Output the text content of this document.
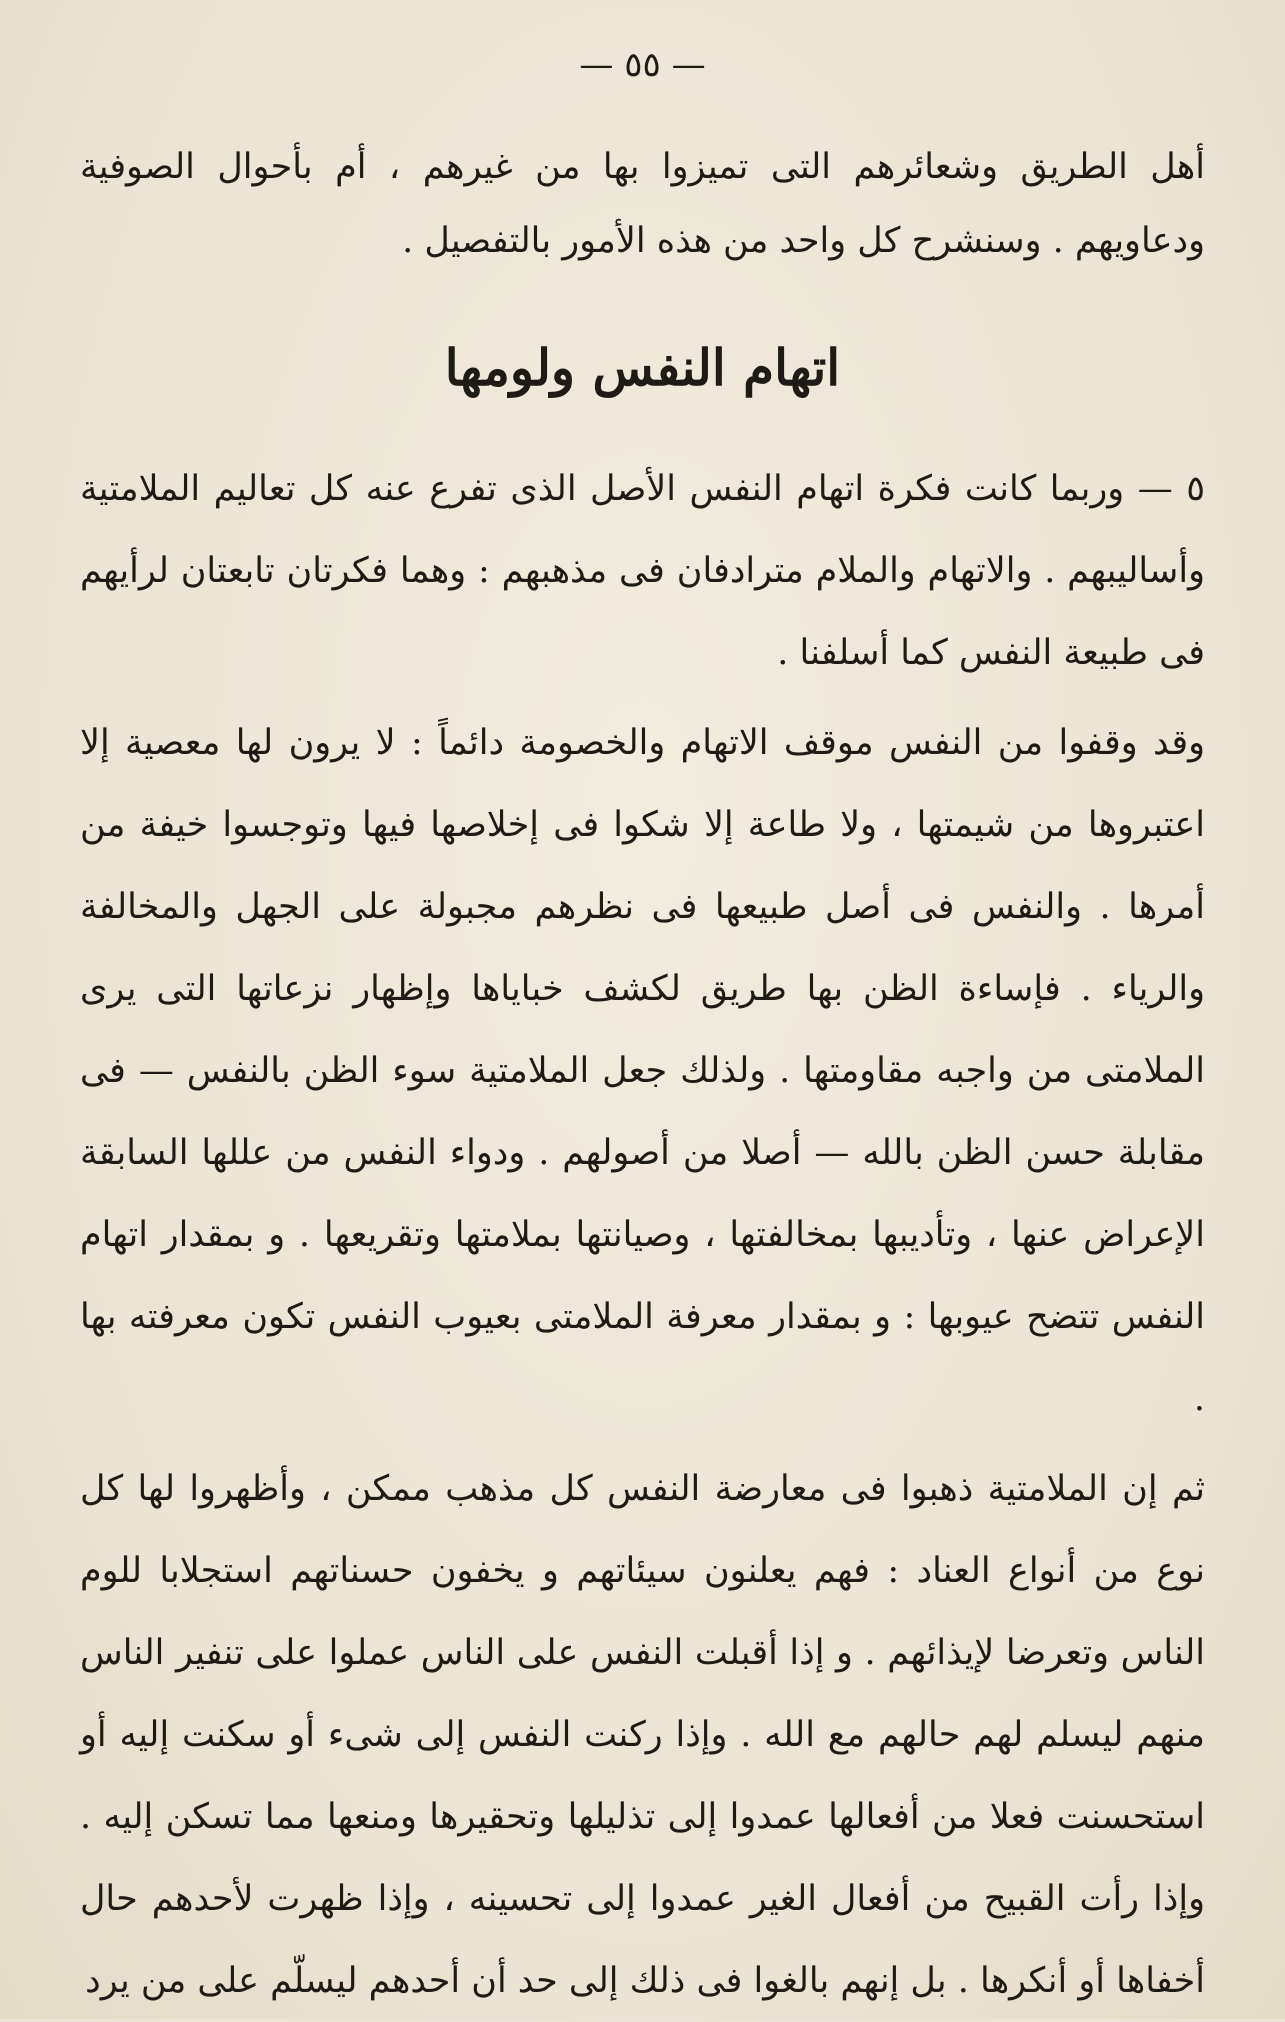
— ٥٥ —

أهل الطريق وشعائرهم التى تميزوا بها من غيرهم ، أم بأحوال الصوفية ودعاويهم . وسنشرح كل واحد من هذه الأمور بالتفصيل .

اتهام النفس ولومها

٥ — وربما كانت فكرة اتهام النفس الأصل الذى تفرع عنه كل تعاليم الملامتية وأساليبهم . والاتهام والملام مترادفان فى مذهبهم : وهما فكرتان تابعتان لرأيهم فى طبيعة النفس كما أسلفنا .

وقد وقفوا من النفس موقف الاتهام والخصومة دائماً : لا يرون لها معصية إلا اعتبروها من شيمتها ، ولا طاعة إلا شكوا فى إخلاصها فيها وتوجسوا خيفة من أمرها . والنفس فى أصل طبيعها فى نظرهم مجبولة على الجهل والمخالفة والرياء . فإساءة الظن بها طريق لكشف خباياها وإظهار نزعاتها التى يرى الملامتى من واجبه مقاومتها . ولذلك جعل الملامتية سوء الظن بالنفس — فى مقابلة حسن الظن بالله — أصلا من أصولهم . ودواء النفس من عللها السابقة الإعراض عنها ، وتأديبها بمخالفتها ، وصيانتها بملامتها وتقريعها . و بمقدار اتهام النفس تتضح عيوبها : و بمقدار معرفة الملامتى بعيوب النفس تكون معرفته بها .

ثم إن الملامتية ذهبوا فى معارضة النفس كل مذهب ممكن ، وأظهروا لها كل نوع من أنواع العناد : فهم يعلنون سيئاتهم و يخفون حسناتهم استجلابا للوم الناس وتعرضا لإيذائهم . و إذا أقبلت النفس على الناس عملوا على تنفير الناس منهم ليسلم لهم حالهم مع الله . وإذا ركنت النفس إلى شىء أو سكنت إليه أو استحسنت فعلا من أفعالها عمدوا إلى تذليلها وتحقيرها ومنعها مما تسكن إليه . وإذا رأت القبيح من أفعال الغير عمدوا إلى تحسينه ، وإذا ظهرت لأحدهم حال أخفاها أو أنكرها . بل إنهم بالغوا فى ذلك إلى حد أن أحدهم ليسلّم على من يرد
